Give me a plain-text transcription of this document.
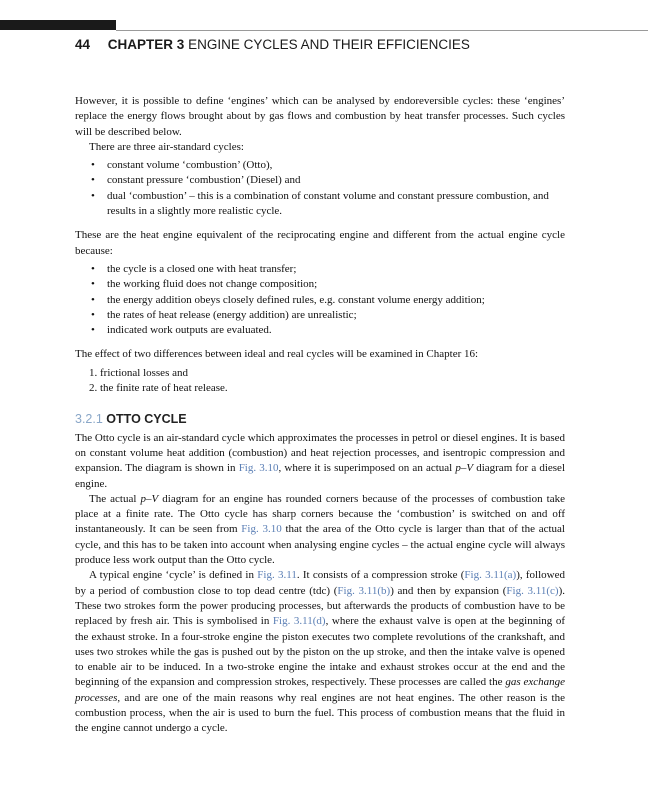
44 CHAPTER 3 ENGINE CYCLES AND THEIR EFFICIENCIES

However, it is possible to define ‘engines’ which can be analysed by endoreversible cycles: these ‘engines’ replace the energy flows brought about by gas flows and combustion by heat transfer processes. Such cycles will be described below.

There are three air-standard cycles:

• constant volume ‘combustion’ (Otto),
• constant pressure ‘combustion’ (Diesel) and
• dual ‘combustion’ – this is a combination of constant volume and constant pressure combustion, and results in a slightly more realistic cycle.

These are the heat engine equivalent of the reciprocating engine and different from the actual engine cycle because:

• the cycle is a closed one with heat transfer;
• the working fluid does not change composition;
• the energy addition obeys closely defined rules, e.g. constant volume energy addition;
• the rates of heat release (energy addition) are unrealistic;
• indicated work outputs are evaluated.

The effect of two differences between ideal and real cycles will be examined in Chapter 16:

1. frictional losses and
2. the finite rate of heat release.
3.2.1 OTTO CYCLE

The Otto cycle is an air-standard cycle which approximates the processes in petrol or diesel engines. It is based on constant volume heat addition (combustion) and heat rejection processes, and isentropic compression and expansion. The diagram is shown in Fig. 3.10, where it is superimposed on an actual p–V diagram for a diesel engine.

The actual p–V diagram for an engine has rounded corners because of the processes of combustion take place at a finite rate. The Otto cycle has sharp corners because the ‘combustion’ is switched on and off instantaneously. It can be seen from Fig. 3.10 that the area of the Otto cycle is larger than that of the actual cycle, and this has to be taken into account when analysing engine cycles – the actual engine cycle will always produce less work output than the Otto cycle.

A typical engine ‘cycle’ is defined in Fig. 3.11. It consists of a compression stroke (Fig. 3.11(a)), followed by a period of combustion close to top dead centre (tdc) (Fig. 3.11(b)) and then by expansion (Fig. 3.11(c)). These two strokes form the power producing processes, but afterwards the products of combustion have to be replaced by fresh air. This is symbolised in Fig. 3.11(d), where the exhaust valve is open at the beginning of the exhaust stroke. In a four-stroke engine the piston executes two complete revolutions of the crankshaft, and uses two strokes while the gas is pushed out by the piston on the up stroke, and then the intake valve is opened to enable air to be induced. In a two-stroke engine the intake and exhaust strokes occur at the end and the beginning of the expansion and compression strokes, respectively. These processes are called the gas exchange processes, and are one of the main reasons why real engines are not heat engines. The other reason is the combustion process, when the air is used to burn the fuel. This process of combustion means that the fluid in the engine cannot undergo a cycle.
